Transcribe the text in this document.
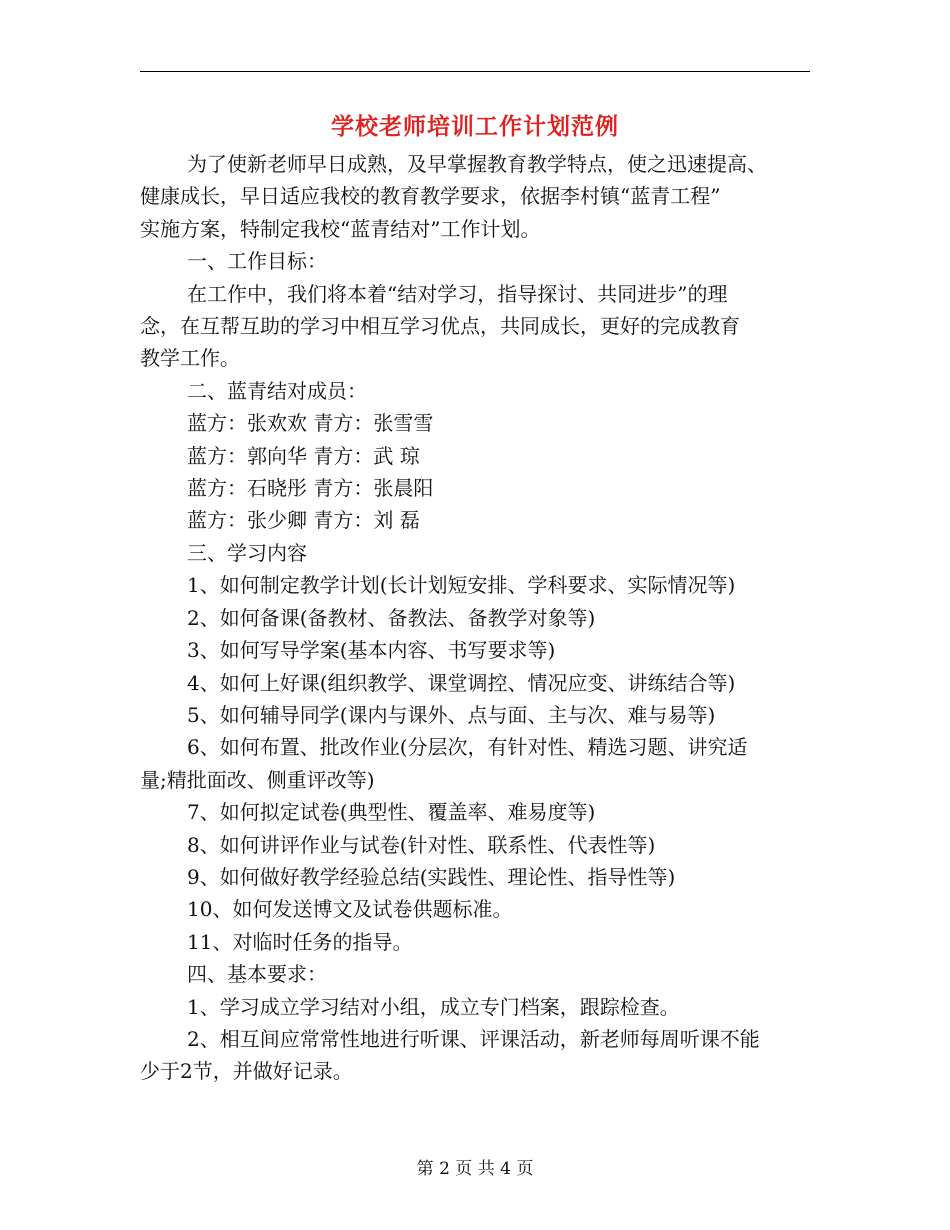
学校老师培训工作计划范例

为了使新老师早日成熟，及早掌握教育教学特点，使之迅速提高、

健康成长，早日适应我校的教育教学要求，依据李村镇“蓝青工程”

实施方案，特制定我校“蓝青结对”工作计划。

一、工作目标：

在工作中，我们将本着“结对学习，指导探讨、共同进步”的理

念，在互帮互助的学习中相互学习优点，共同成长，更好的完成教育

教学工作。

二、蓝青结对成员：

蓝方：张欢欢 青方：张雪雪

蓝方：郭向华 青方：武 琼

蓝方：石晓彤 青方：张晨阳

蓝方：张少卿 青方：刘 磊

三、学习内容

1、如何制定教学计划(长计划短安排、学科要求、实际情况等)

2、如何备课(备教材、备教法、备教学对象等)

3、如何写导学案(基本内容、书写要求等)

4、如何上好课(组织教学、课堂调控、情况应变、讲练结合等)

5、如何辅导同学(课内与课外、点与面、主与次、难与易等)

6、如何布置、批改作业(分层次，有针对性、精选习题、讲究适

量;精批面改、侧重评改等)

7、如何拟定试卷(典型性、覆盖率、难易度等)

8、如何讲评作业与试卷(针对性、联系性、代表性等)

9、如何做好教学经验总结(实践性、理论性、指导性等)

10、如何发送博文及试卷供题标准。

11、对临时任务的指导。

四、基本要求：

1、学习成立学习结对小组，成立专门档案，跟踪检查。

2、相互间应常常性地进行听课、评课活动，新老师每周听课不能

少于2节，并做好记录。

第 2 页 共 4 页
